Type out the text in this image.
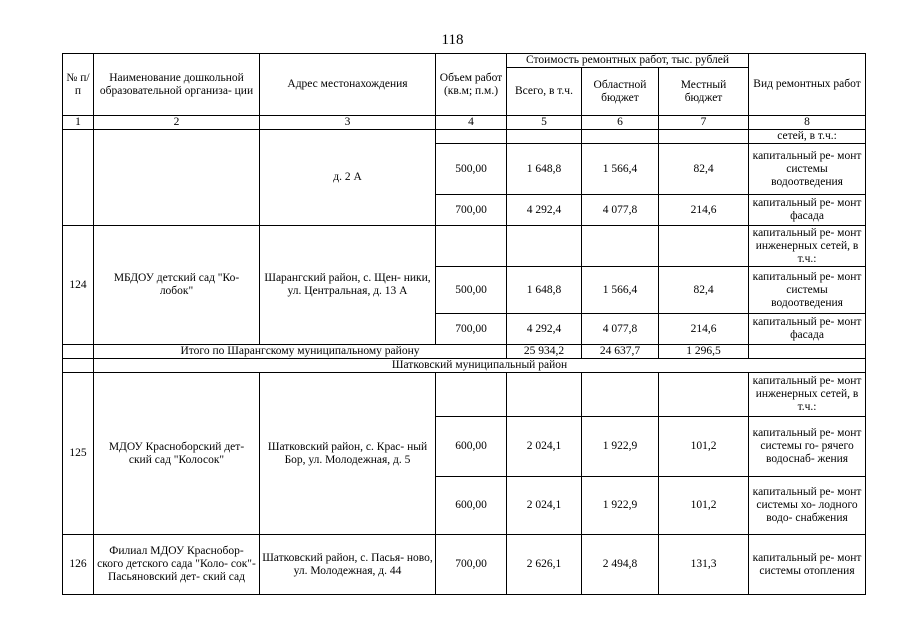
118
№ п/п	Наименование дошкольной образовательной организа- ции	Адрес местонахождения	Объем работ (кв.м; п.м.)	Стоимость ремонтных работ, тыс. рублей			Вид ремонтных работ
				Всего, в т.ч.	Областной бюджет	Местный бюджет	
1	2	3	4	5	6	7	8
		д. 2 А					сетей, в т.ч.:
			500,00	1 648,8	1 566,4	82,4	капитальный ре- монт системы водоотведения
			700,00	4 292,4	4 077,8	214,6	капитальный ре- монт фасада
124	МБДОУ детский сад "Ко- лобок"	Шарангский район, с. Щен- ники, ул. Центральная, д. 13 А					капитальный ре- монт инженерных сетей, в т.ч.:
			500,00	1 648,8	1 566,4	82,4	капитальный ре- монт системы водоотведения
			700,00	4 292,4	4 077,8	214,6	капитальный ре- монт фасада
	Итого по Шарангскому муниципальному району			25 934,2	24 637,7	1 296,5	
	Шатковский муниципальный район						
125	МДОУ Красноборский дет- ский сад "Колосок"	Шатковский район, с. Крас- ный Бор, ул. Молодежная, д. 5					капитальный ре- монт инженерных сетей, в т.ч.:
			600,00	2 024,1	1 922,9	101,2	капитальный ре- монт системы го- рячего водоснаб- жения
			600,00	2 024,1	1 922,9	101,2	капитальный ре- монт системы хо- лодного водо- снабжения
126	Филиал МДОУ Краснобор- ского детского сада "Коло- сок"- Пасьяновский дет- ский сад	Шатковский район, с. Пасья- ново, ул. Молодежная, д. 44	700,00	2 626,1	2 494,8	131,3	капитальный ре- монт системы отопления
